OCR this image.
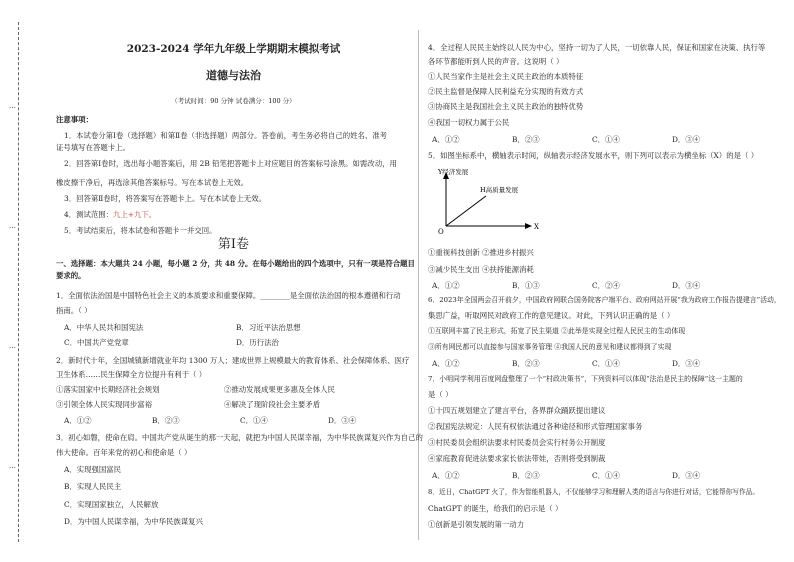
…
…
…
…
2023-2024 学年九年级上学期期末模拟考试
道德与法治
（考试时间：90 分钟 试卷满分：100 分）
注意事项：
1．本试卷分第Ⅰ卷（选择题）和第Ⅱ卷（非选择题）两部分。答卷前，考生务必将自己的姓名、准考
证号填写在答题卡上。
2．回答第Ⅰ卷时，选出每小题答案后，用 2B 铅笔把答题卡上对应题目的答案标号涂黑。如需改动，用
橡皮擦干净后，再选涂其他答案标号。写在本试卷上无效。
3．回答第Ⅱ卷时，将答案写在答题卡上。写在本试卷上无效。
4．测试范围：九上+九下。
5．考试结束后，将本试卷和答题卡一并交回。
第Ⅰ卷
一、选择题：本大题共 24 小题，每小题 2 分，共 48 分。在每小题给出的四个选项中，只有一项是符合题目
要求的。
1．全面依法治国是中国特色社会主义的本质要求和重要保障。________是全面依法治国的根本遵循和行动
指南。（ ）
A．中华人民共和国宪法	B．习近平法治思想
C．中国共产党党章	D．历行法治
2．新时代十年，全国城镇新增就业年均 1300 万人；建成世界上规模最大的教育体系、社会保障体系、医疗
卫生体系……民生保障全方位提升有利于（ ）
①落实国家中长期经济社会规划	②推动发展成果更多惠及全体人民
③引领全体人民实现同步富裕	④解决了现阶段社会主要矛盾
A．①②	B．②③	C．①④	D．③④
3．初心如磐，使命在肩。中国共产党从诞生的那一天起，就把为中国人民谋幸福，为中华民族谋复兴作为自己的
伟大使命。百年来党的初心和使命是（ ）
A．实现强国富民
B．实现人民民主
C．实现国家独立，人民解放
D．为中国人民谋幸福，为中华民族谋复兴
4．全过程人民民主始终以人民为中心，坚持一切为了人民，一切依靠人民，保证和国家在决策、执行等
各环节都能听到人民的声音。这说明（ ）
①人民当家作主是社会主义民主政治的本质特征
②民主监督是保障人民利益充分实现的有效方式
③协商民主是我国社会主义民主政治的独特优势
④我国一切权力属于公民
A．①②	B．②③	C．①④	D．③④
5．如图坐标系中，横轴表示时间，纵轴表示经济发展水平，则下列可以表示为横坐标（X）的是（ ）
Y经济发展
H高质量发展
X
O
①重视科技创新 ②推进乡村振兴
③减少民生支出 ④扶持能源消耗
A．①②	B．①③	C．②④	D．③④
6．2023年全国两会召开前夕，中国政府网联合国务院客户端平台、政府网站开展“我为政府工作报告提建言”活动，
集思广益，听取网民对政府工作的意见建议。对此，下列认识正确的是（ ）
①互联网丰富了民主形式，拓宽了民主渠道 ②此举是实现全过程人民民主的生动体现
③所有网民都可以直接参与国家事务管理 ④我国人民的意见和建议都得到了实现
A．①②	B．②③	C．①④	D．③④
7．小明同学利用百度网盘整理了一个“村政决策书”，下列资料可以体现“法治是民主的保障”这一主题的
是（ ）
①十四五规划建立了建言平台，各界群众踊跃提出建议
②我国宪法规定：人民有权依法通过各种途径和形式管理国家事务
③村民委员会组织法要求村民委员会实行村务公开制度
④家庭教育促进法要求家长依法带娃，否则将受到制裁
A．①②	B．②③	C．①④	D．③④
8．近日，ChatGPT 火了，作为智能机器人，不仅能够学习和理解人类的语言与你进行对话，它能帮你写作品。
ChatGPT 的诞生，给我们的启示是（ ）
①创新是引领发展的第一动力
